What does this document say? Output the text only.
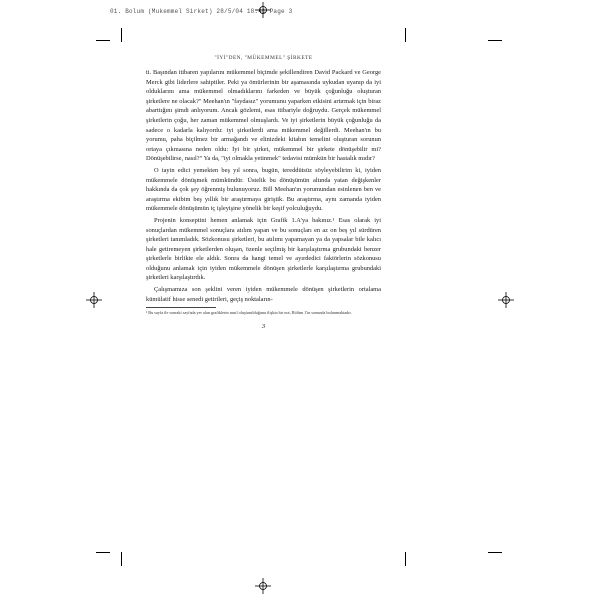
01. Bolum (Mukemmel Sirket) 28/5/04 18:41 Page 3
"İYİ"DEN, "MÜKEMMEL" ŞİRKETE

ti. Başından itibaren yapılarını mükemmel biçimde şekillendiren David Packard ve George Merck gibi liderlere sahiptiler. Peki ya ömürlerinin bir aşamasında uykudan uyanıp da iyi olduklarını ama mükemmel olmadıklarını farkeden ve büyük çoğunluğu oluşturan şirketlere ne olacak?" Meehan'ın "faydasız" yorumunu yaparken etkisini artırmak için biraz abarttığını şimdi anlıyorum. Ancak gözlemi, esas itibariyle doğruydu. Gerçek mükemmel şirketlerin çoğu, her zaman mükemmel olmuşlardı. Ve iyi şirketlerin büyük çoğunluğu da sadece o kadarla kalıyordu: iyi şirketlerdi ama mükemmel değillerdi. Meehan'ın bu yorumu, paha biçilmez bir armağandı ve elinizdeki kitabın temelini oluşturan sorunun ortaya çıkmasına neden oldu: İyi bir şirket, mükemmel bir şirkete dönüşebilir mi? Dönüşebilirse, nasıl?" Ya da, "iyi olmakla yetinmek" tedavisi mümkün bir hastalık mıdır?

O tayin edici yemekten beş yıl sonra, bugün, tereddütsüz söyleyebilirim ki, iyiden mükemmele dönüşmek mümkündür. Üstelik bu dönüşümün altında yatan değişkenler hakkında da çok şey öğrenmiş bulunuyoruz. Bill Meehan'ın yorumundan esinlenen ben ve araştırma ekibim beş yıllık bir araştırmaya giriştik. Bu araştırma, aynı zamanda iyiden mükemmele dönüşümün iç işleyişine yönelik bir keşif yolculuğuydu.

Projenin konseptini hemen anlamak için Grafik 1.A'ya bakınız.¹ Esas olarak iyi sonuçlardan mükemmel sonuçlara atılım yapan ve bu sonuçları en az on beş yıl sürdüren şirketleri tanımladık. Sözkonusu şirketleri, bu atılımı yapamayan ya da yapsalar bile kalıcı hale getiremeyen şirketlerden oluşan, özenle seçilmiş bir karşılaştırma grubundaki benzer şirketlerle birlikte ele aldık. Sonra da hangi temel ve ayırdedici faktörlerin sözkonusu olduğunu anlamak için iyiden mükemmele dönüşen şirketlerle karşılaştırma grubundaki şirketleri karşılaştırdık.

Çalışmamıza son şeklini veren iyiden mükemmele dönüşen şirketlerin ortalama kümülatif hisse senedi getirileri, geçiş noktaların-

¹ Bu sayfa ile sonraki sayfada yer alan grafiklerin nasıl oluşturulduğunu ilişkin bir not, Bölüm 1'in sonunda bulunmaktadır.
3
